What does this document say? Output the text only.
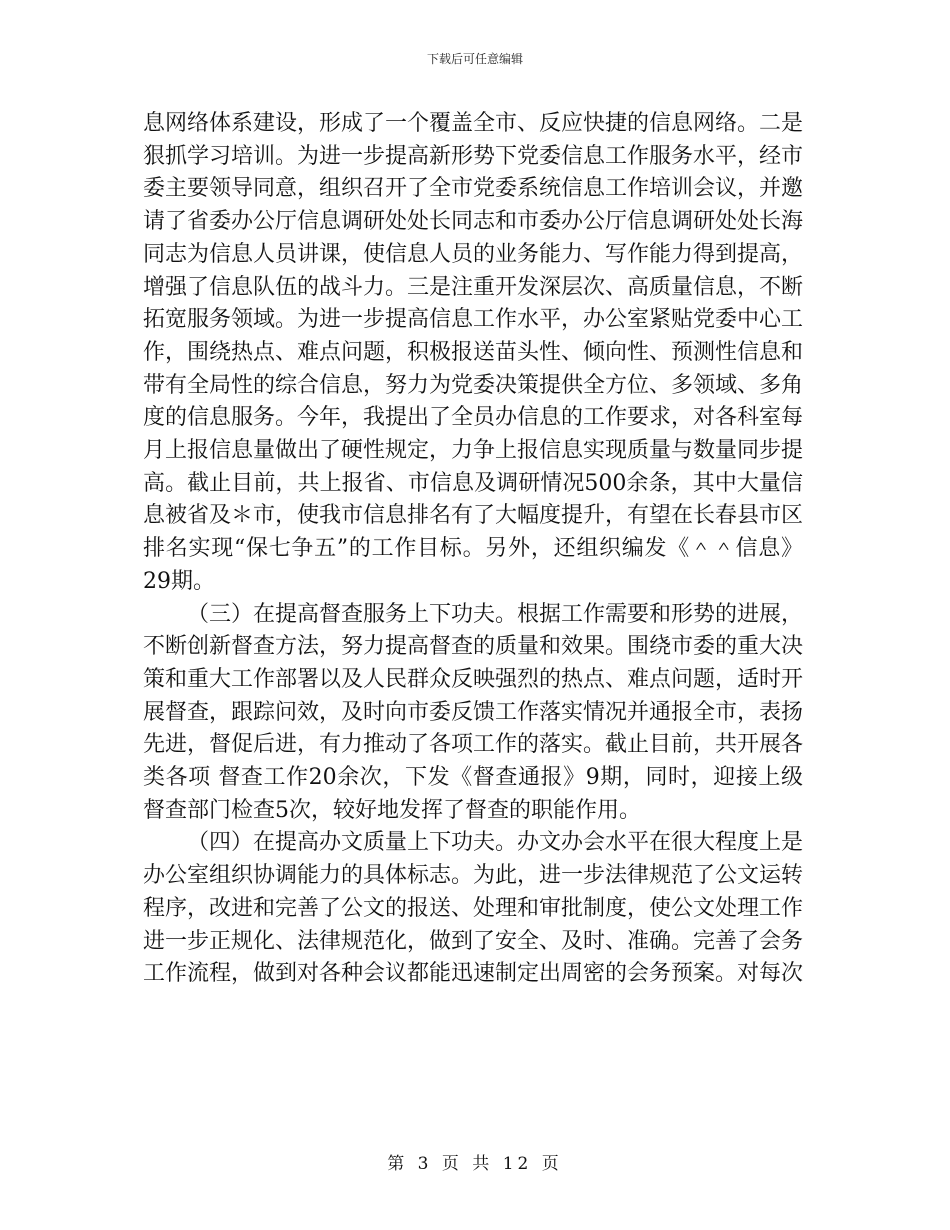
下载后可任意编辑

息网络体系建设，形成了一个覆盖全市、反应快捷的信息网络。二是狠抓学习培训。为进一步提高新形势下党委信息工作服务水平，经市委主要领导同意，组织召开了全市党委系统信息工作培训会议，并邀请了省委办公厅信息调研处处长同志和市委办公厅信息调研处处长海同志为信息人员讲课，使信息人员的业务能力、写作能力得到提高，增强了信息队伍的战斗力。三是注重开发深层次、高质量信息，不断拓宽服务领域。为进一步提高信息工作水平，办公室紧贴党委中心工作，围绕热点、难点问题，积极报送苗头性、倾向性、预测性信息和带有全局性的综合信息，努力为党委决策提供全方位、多领域、多角度的信息服务。今年，我提出了全员办信息的工作要求，对各科室每月上报信息量做出了硬性规定，力争上报信息实现质量与数量同步提高。截止目前，共上报省、市信息及调研情况500余条，其中大量信息被省及＊市，使我市信息排名有了大幅度提升，有望在长春县市区排名实现“保七争五”的工作目标。另外，还组织编发《＾＾信息》29期。

（三）在提高督查服务上下功夫。根据工作需要和形势的进展，不断创新督查方法，努力提高督查的质量和效果。围绕市委的重大决策和重大工作部署以及人民群众反映强烈的热点、难点问题，适时开展督查，跟踪问效，及时向市委反馈工作落实情况并通报全市，表扬先进，督促后进，有力推动了各项工作的落实。截止目前，共开展各类各项 督查工作20余次，下发《督查通报》9期，同时，迎接上级督查部门检查5次，较好地发挥了督查的职能作用。

（四）在提高办文质量上下功夫。办文办会水平在很大程度上是办公室组织协调能力的具体标志。为此，进一步法律规范了公文运转程序，改进和完善了公文的报送、处理和审批制度，使公文处理工作进一步正规化、法律规范化，做到了安全、及时、准确。完善了会务工作流程，做到对各种会议都能迅速制定出周密的会务预案。对每次

第 3 页 共 12 页
